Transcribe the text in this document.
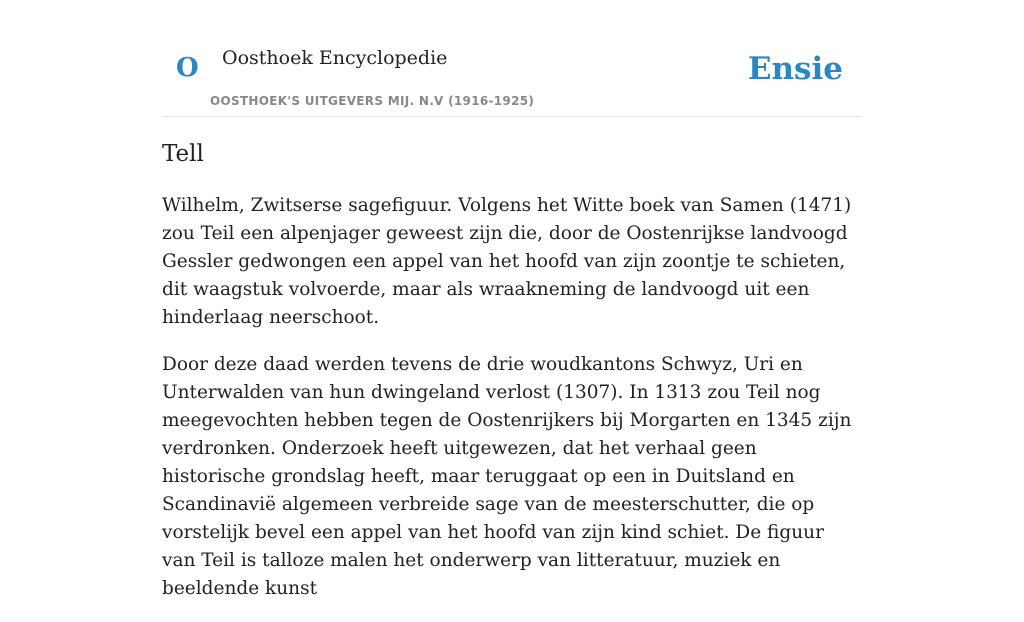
O Oosthoek Encyclopedie
OOSTHOEK'S UITGEVERS MIJ. N.V (1916-1925)
Ensie
Tell

Wilhelm, Zwitserse sagefiguur. Volgens het Witte boek van Samen (1471) zou Teil een alpenjager geweest zijn die, door de Oostenrijkse landvoogd Gessler gedwongen een appel van het hoofd van zijn zoontje te schieten, dit waagstuk volvoerde, maar als wraakneming de landvoogd uit een hinderlaag neerschoot.

Door deze daad werden tevens de drie woudkantons Schwyz, Uri en Unterwalden van hun dwingeland verlost (1307). In 1313 zou Teil nog meegevochten hebben tegen de Oostenrijkers bij Morgarten en 1345 zijn verdronken. Onderzoek heeft uitgewezen, dat het verhaal geen historische grondslag heeft, maar teruggaat op een in Duitsland en Scandinavië algemeen verbreide sage van de meesterschutter, die op vorstelijk bevel een appel van het hoofd van zijn kind schiet. De figuur van Teil is talloze malen het onderwerp van litteratuur, muziek en beeldende kunst
